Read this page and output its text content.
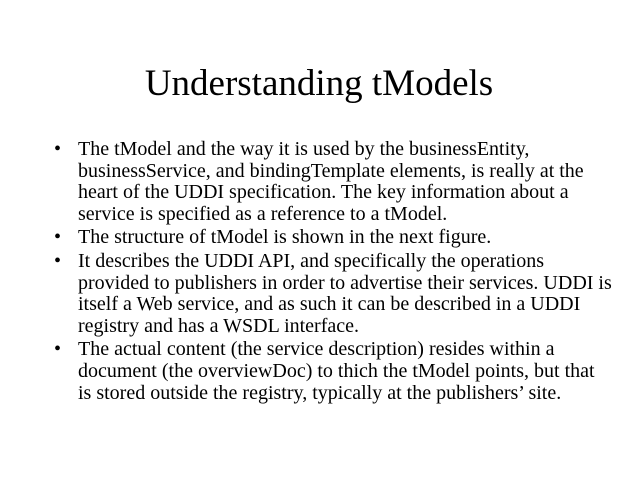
Understanding tModels
• The tModel and the way it is used by the businessEntity, businessService, and bindingTemplate elements, is really at the heart of the UDDI specification. The key information about a service is specified as a reference to a tModel.
• The structure of tModel is shown in the next figure.
• It describes the UDDI API, and specifically the operations provided to publishers in order to advertise their services. UDDI is itself a Web service, and as such it can be described in a UDDI registry and has a WSDL interface.
• The actual content (the service description) resides within a document (the overviewDoc) to thich the tModel points, but that is stored outside the registry, typically at the publishers’ site.
